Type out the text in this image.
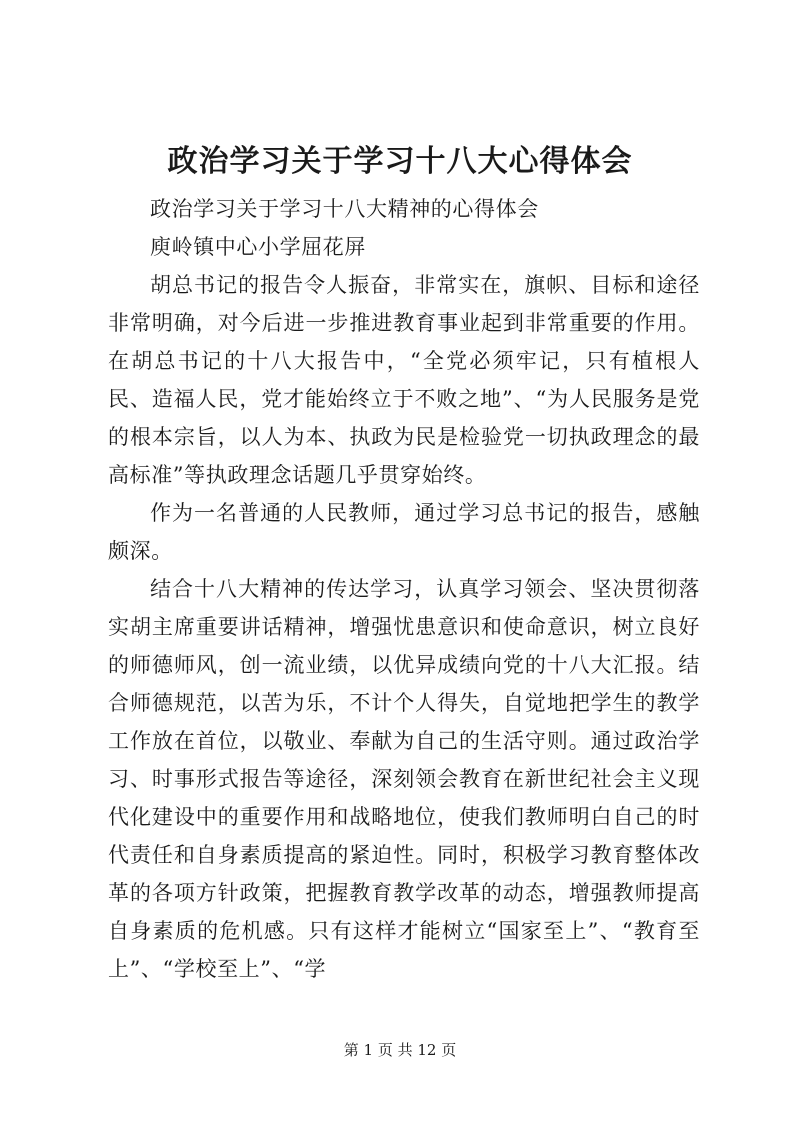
政治学习关于学习十八大心得体会

政治学习关于学习十八大精神的心得体会

庾岭镇中心小学屈花屏

胡总书记的报告令人振奋，非常实在，旗帜、目标和途径非常明确，对今后进一步推进教育事业起到非常重要的作用。在胡总书记的十八大报告中，“全党必须牢记，只有植根人民、造福人民，党才能始终立于不败之地”、“为人民服务是党的根本宗旨，以人为本、执政为民是检验党一切执政理念的最高标准”等执政理念话题几乎贯穿始终。

作为一名普通的人民教师，通过学习总书记的报告，感触颇深。

结合十八大精神的传达学习，认真学习领会、坚决贯彻落实胡主席重要讲话精神，增强忧患意识和使命意识，树立良好的师德师风，创一流业绩，以优异成绩向党的十八大汇报。结合师德规范，以苦为乐，不计个人得失，自觉地把学生的教学工作放在首位，以敬业、奉献为自己的生活守则。通过政治学习、时事形式报告等途径，深刻领会教育在新世纪社会主义现代化建设中的重要作用和战略地位，使我们教师明白自己的时代责任和自身素质提高的紧迫性。同时，积极学习教育整体改革的各项方针政策，把握教育教学改革的动态，增强教师提高自身素质的危机感。只有这样才能树立“国家至上”、“教育至上”、“学校至上”、“学

第 1 页 共 12 页
